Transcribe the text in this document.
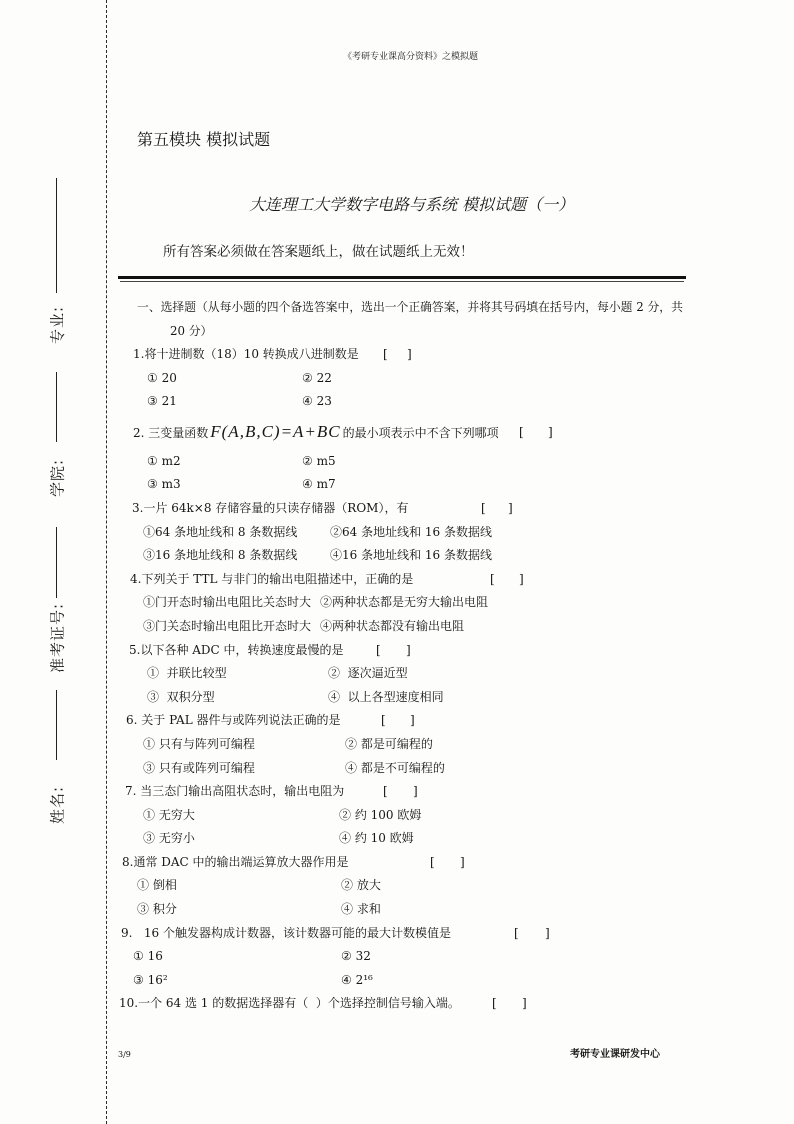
专业:
学院:
准考证号:
姓名:
《考研专业课高分资料》之模拟题
第五模块 模拟试题
大连理工大学数字电路与系统 模拟试题（一）
所有答案必须做在答案题纸上，做在试题纸上无效！
一、选择题（从每小题的四个备选答案中，选出一个正确答案，并将其号码填在括号内，每小题 2 分，共
20 分）
1.将十进制数（18）10 转换成八进制数是 [ ]
① 20	② 22
③ 21	④ 23
2. 三变量函数 F(A,B,C)=A+BC 的最小项表示中不含下列哪项 [ ]
① m2	② m5
③ m3	④ m7
3.一片 64k×8 存储容量的只读存储器（ROM），有	[ ]
①64 条地址线和 8 条数据线	②64 条地址线和 16 条数据线
③16 条地址线和 8 条数据线	④16 条地址线和 16 条数据线
4.下列关于 TTL 与非门的输出电阻描述中，正确的是	[ ]
①门开态时输出电阻比关态时大 ②两种状态都是无穷大输出电阻
③门关态时输出电阻比开态时大 ④两种状态都没有输出电阻
5.以下各种 ADC 中，转换速度最慢的是	[ ]
①  并联比较型	②  逐次逼近型
③  双积分型	④  以上各型速度相同
6. 关于 PAL 器件与或阵列说法正确的是	[ ]
① 只有与阵列可编程	② 都是可编程的
③ 只有或阵列可编程	④ 都是不可编程的
7. 当三态门输出高阻状态时，输出电阻为	[ ]
① 无穷大	② 约 100 欧姆
③ 无穷小	④ 约 10 欧姆
8.通常 DAC 中的输出端运算放大器作用是	[ ]
① 倒相	② 放大
③ 积分	④ 求和
9.   16 个触发器构成计数器，该计数器可能的最大计数模值是	[ ]
① 16	② 32
③ 16²	④ 2¹⁶
10.一个 64 选 1 的数据选择器有（  ）个选择控制信号输入端。	[ ]
3/9	考研专业课研发中心
